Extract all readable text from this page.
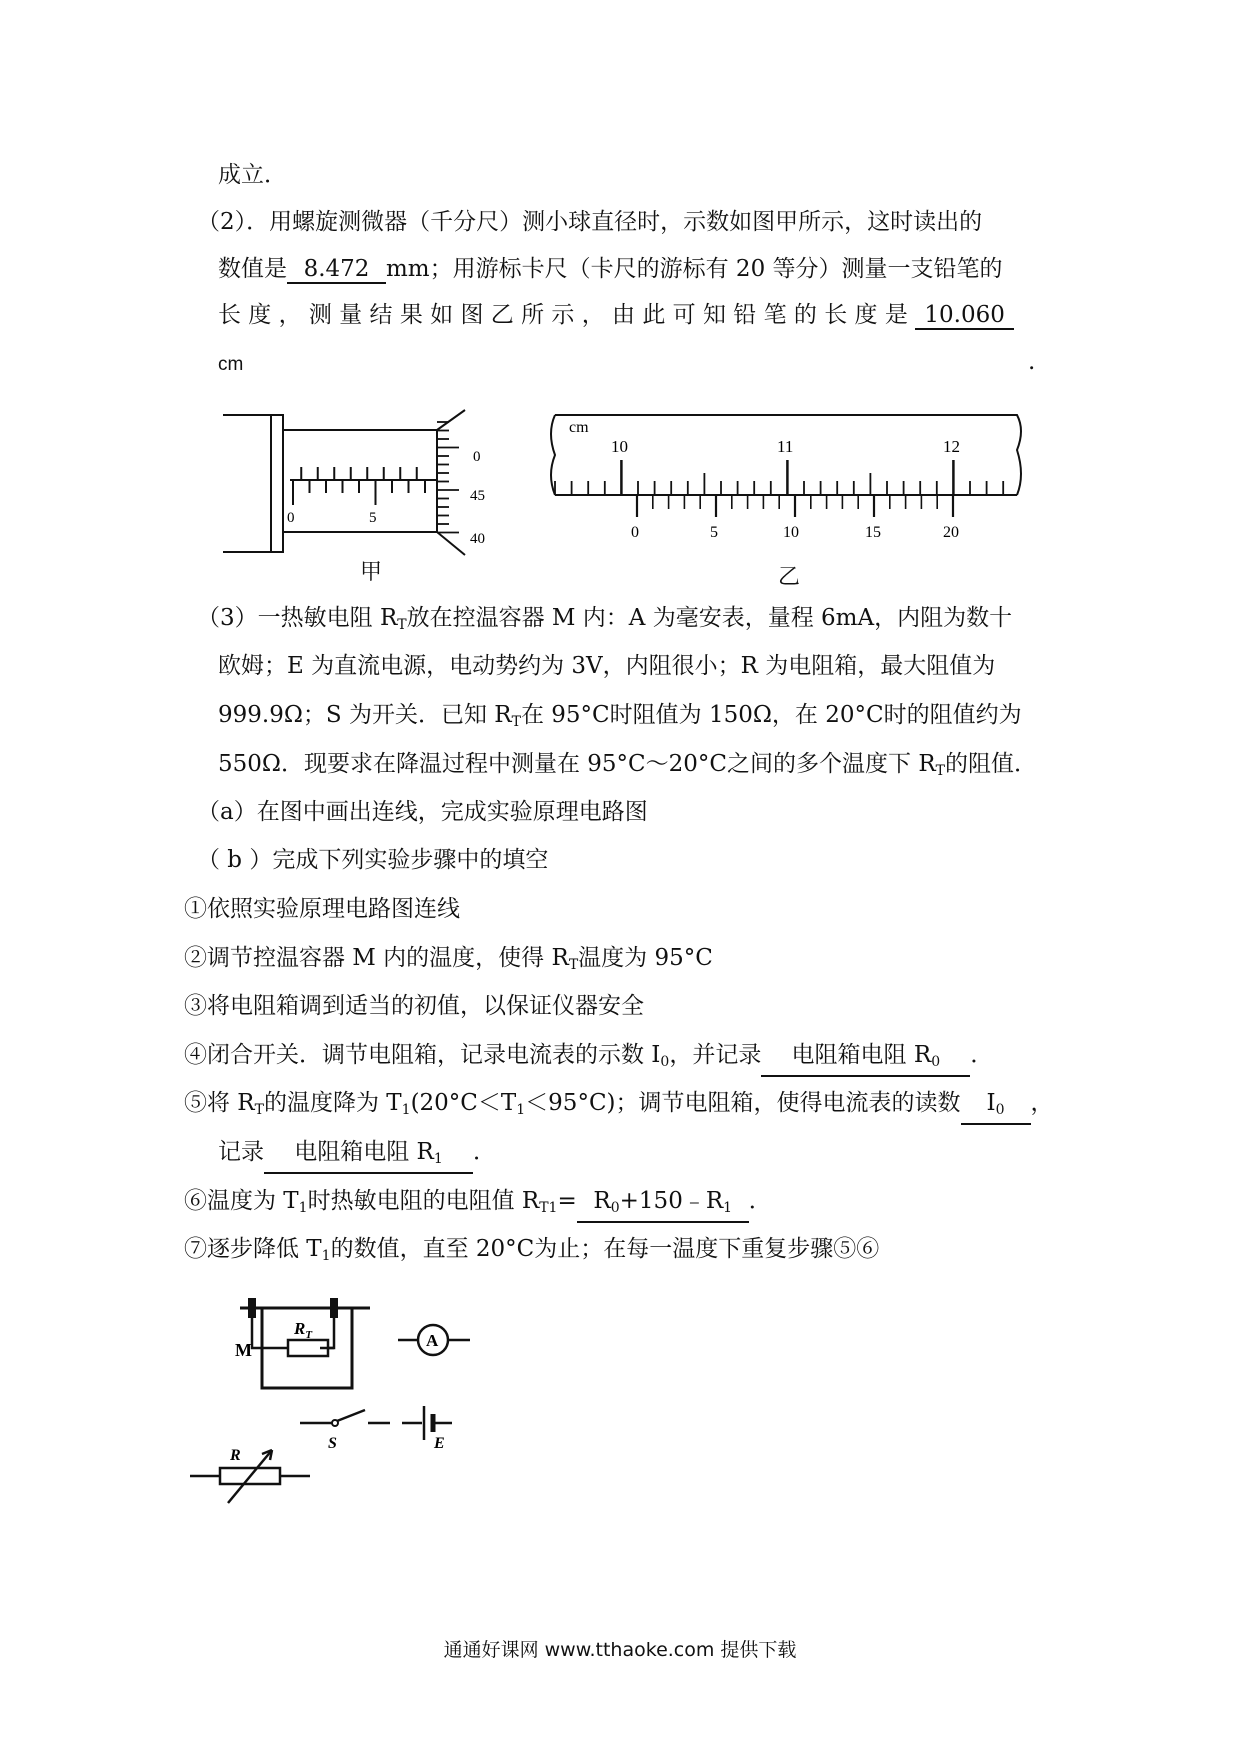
成立．
（2）．用螺旋测微器（千分尺）测小球直径时，示数如图甲所示，这时读出的
数值是 8.472 mm；用游标卡尺（卡尺的游标有 20 等分）测量一支铅笔的
长 度 ， 测 量 结 果 如 图 乙 所 示 ， 由 此 可 知 铅 笔 的 长 度 是 10.060
cm	.
0	5
0
45
40
甲
cm
10	11	12
0	5	10	15	20
乙
（3）一热敏电阻 $R_T$放在控温容器 M 内：A 为毫安表，量程 6mA，内阻为数十
欧姆；E 为直流电源，电动势约为 3V，内阻很小；R 为电阻箱，最大阻值为
999.9Ω；S 为开关．已知 $R_T$在 95°C时阻值为 150Ω，在 20°C时的阻值约为
550Ω．现要求在降温过程中测量在 95°C～20°C之间的多个温度下 $R_T$的阻值．
（a）在图中画出连线，完成实验原理电路图
（ b ）完成下列实验步骤中的填空
①依照实验原理电路图连线
②调节控温容器 M 内的温度，使得 $R_T$温度为 95°C
③将电阻箱调到适当的初值，以保证仪器安全
④闭合开关．调节电阻箱，记录电流表的示数 $I_0$，并记录 电阻箱电阻 $R_0$ ．
⑤将 $R_T$的温度降为 $T_1(20^\circ C<T_1<95^\circ C)$；调节电阻箱，使得电流表的读数 $I_0$ ，
记录 电阻箱电阻 $R_1$ ．
⑥温度为 $T_1$时热敏电阻的电阻值 $R_{T1}=$ $R_0+150﹣R_1$ ．
⑦逐步降低 $T_1$的数值，直至 20°C为止；在每一温度下重复步骤⑤⑥
$R_T$
M	A
S	E
R
通通好课网 www.tthaoke.com 提供下载
